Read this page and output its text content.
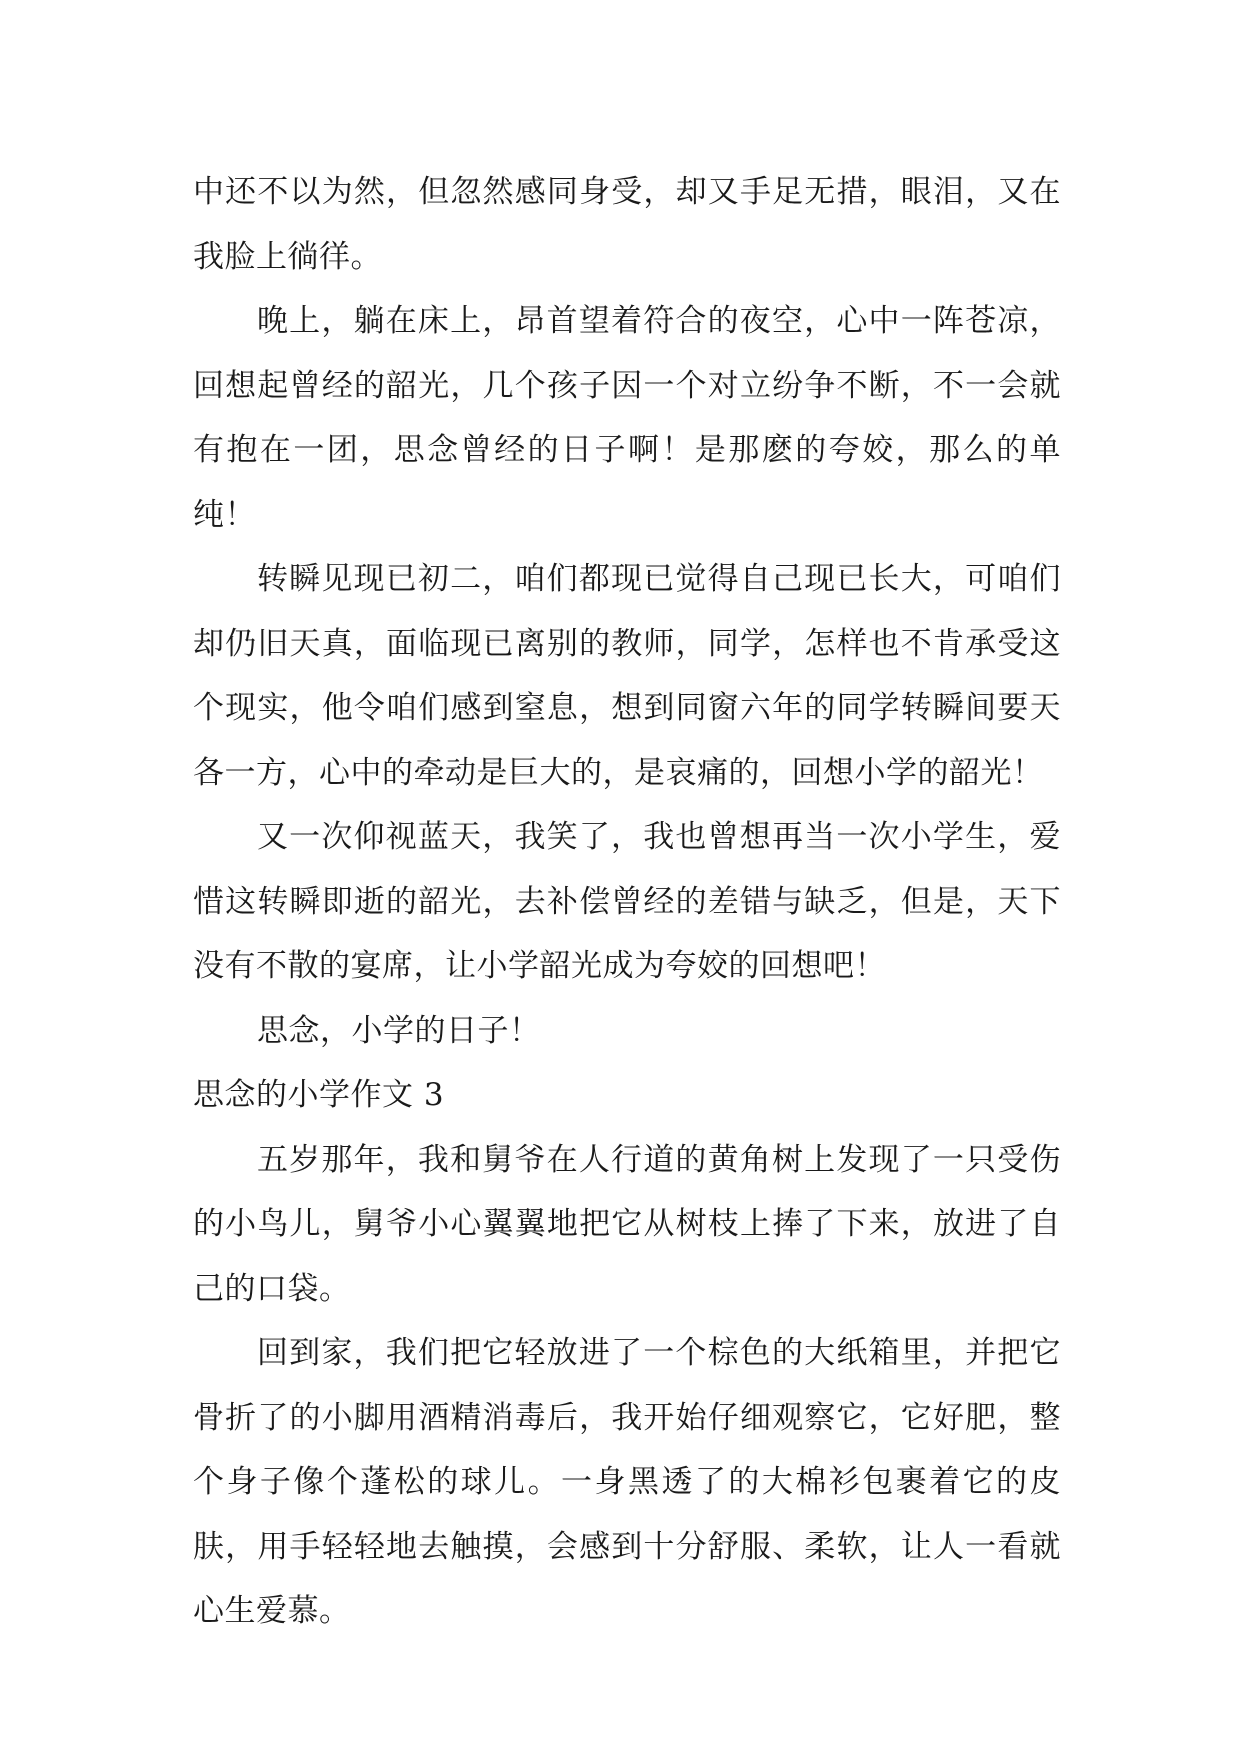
中还不以为然，但忽然感同身受，却又手足无措，眼泪，又在我脸上徜徉。

晚上，躺在床上，昂首望着符合的夜空，心中一阵苍凉，回想起曾经的韶光，几个孩子因一个对立纷争不断，不一会就有抱在一团，思念曾经的日子啊！是那麽的夸姣，那么的单纯！

转瞬见现已初二，咱们都现已觉得自己现已长大，可咱们却仍旧天真，面临现已离别的教师，同学，怎样也不肯承受这个现实，他令咱们感到窒息，想到同窗六年的同学转瞬间要天各一方，心中的牵动是巨大的，是哀痛的，回想小学的韶光！

又一次仰视蓝天，我笑了，我也曾想再当一次小学生，爱惜这转瞬即逝的韶光，去补偿曾经的差错与缺乏，但是，天下没有不散的宴席，让小学韶光成为夸姣的回想吧！

思念，小学的日子！

思念的小学作文 3

五岁那年，我和舅爷在人行道的黄角树上发现了一只受伤的小鸟儿，舅爷小心翼翼地把它从树枝上捧了下来，放进了自己的口袋。

回到家，我们把它轻放进了一个棕色的大纸箱里，并把它骨折了的小脚用酒精消毒后，我开始仔细观察它，它好肥，整个身子像个蓬松的球儿。一身黑透了的大棉衫包裹着它的皮肤，用手轻轻地去触摸，会感到十分舒服、柔软，让人一看就心生爱慕。
